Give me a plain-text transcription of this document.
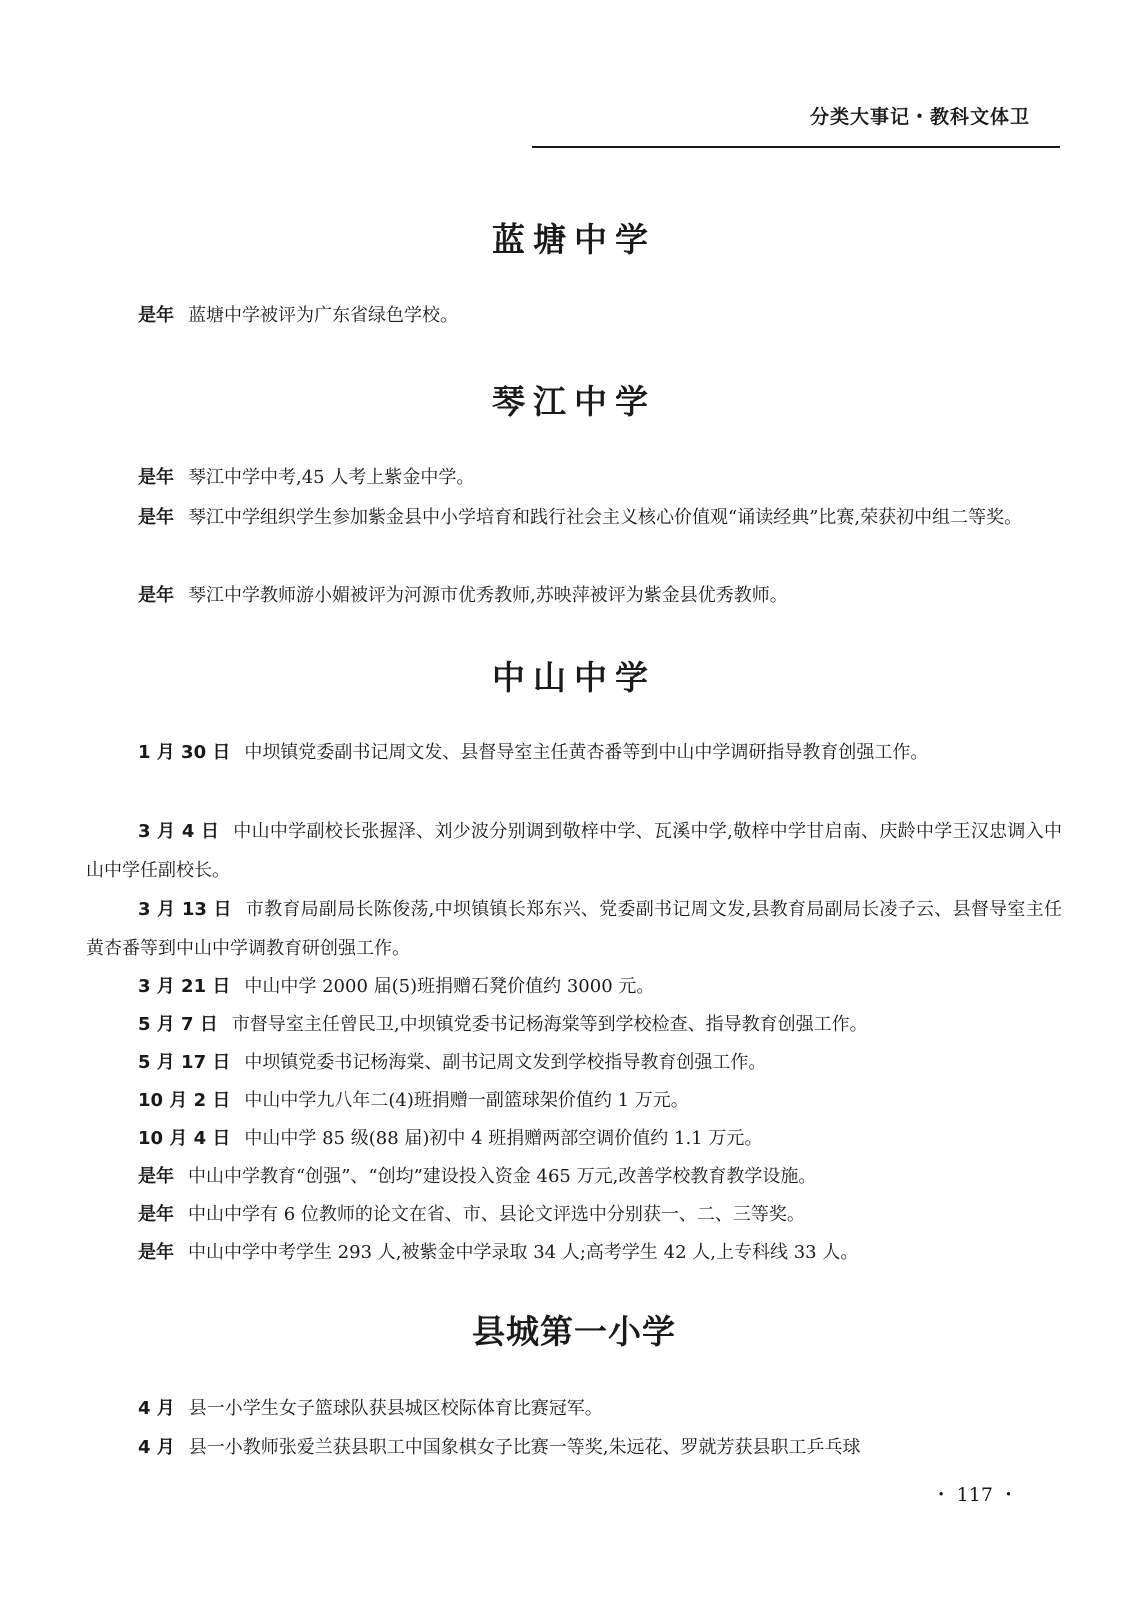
分类大事记・教科文体卫
蓝塘中学
是年 蓝塘中学被评为广东省绿色学校。
琴江中学
是年 琴江中学中考,45 人考上紫金中学。
是年 琴江中学组织学生参加紫金县中小学培育和践行社会主义核心价值观“诵读经典”比赛,荣获初中组二等奖。
是年 琴江中学教师游小媚被评为河源市优秀教师,苏映萍被评为紫金县优秀教师。
中山中学
1 月 30 日 中坝镇党委副书记周文发、县督导室主任黄杏番等到中山中学调研指导教育创强工作。
3 月 4 日 中山中学副校长张握泽、刘少波分别调到敬梓中学、瓦溪中学,敬梓中学甘启南、庆龄中学王汉忠调入中山中学任副校长。
3 月 13 日 市教育局副局长陈俊荡,中坝镇镇长郑东兴、党委副书记周文发,县教育局副局长凌子云、县督导室主任黄杏番等到中山中学调教育研创强工作。
3 月 21 日 中山中学 2000 届(5)班捐赠石凳价值约 3000 元。
5 月 7 日 市督导室主任曾民卫,中坝镇党委书记杨海棠等到学校检查、指导教育创强工作。
5 月 17 日 中坝镇党委书记杨海棠、副书记周文发到学校指导教育创强工作。
10 月 2 日 中山中学九八年二(4)班捐赠一副篮球架价值约 1 万元。
10 月 4 日 中山中学 85 级(88 届)初中 4 班捐赠两部空调价值约 1.1 万元。
是年 中山中学教育“创强”、“创均”建设投入资金 465 万元,改善学校教育教学设施。
是年 中山中学有 6 位教师的论文在省、市、县论文评选中分别获一、二、三等奖。
是年 中山中学中考学生 293 人,被紫金中学录取 34 人;高考学生 42 人,上专科线 33 人。
县城第一小学
4 月 县一小学生女子篮球队获县城区校际体育比赛冠军。
4 月 县一小教师张爱兰获县职工中国象棋女子比赛一等奖,朱远花、罗就芳获县职工乒乓球
・ 117 ・
